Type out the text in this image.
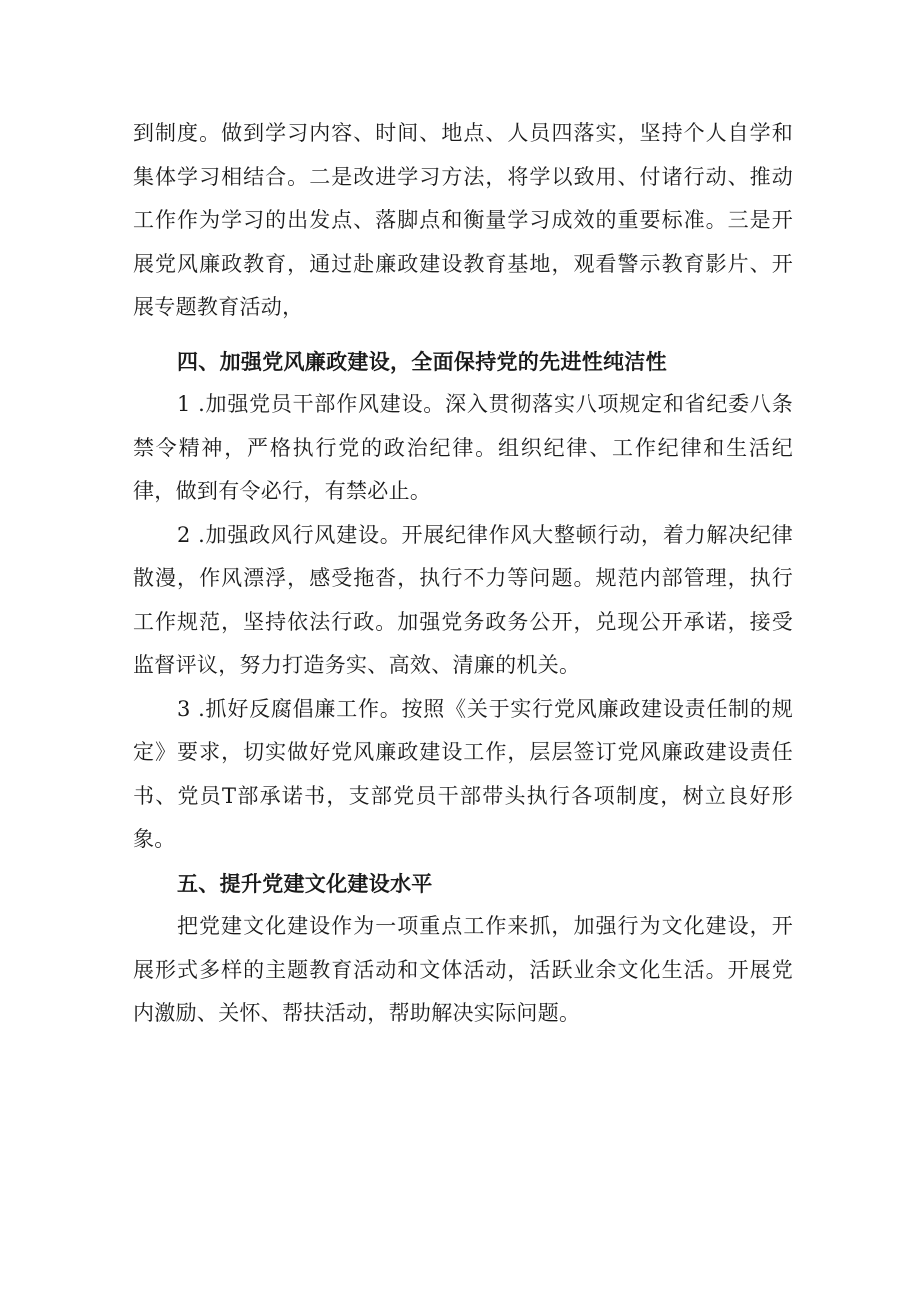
到制度。做到学习内容、时间、地点、人员四落实，坚持个人自学和集体学习相结合。二是改进学习方法，将学以致用、付诸行动、推动工作作为学习的出发点、落脚点和衡量学习成效的重要标准。三是开展党风廉政教育，通过赴廉政建设教育基地，观看警示教育影片、开展专题教育活动，

四、加强党风廉政建设，全面保持党的先进性纯洁性

1 .加强党员干部作风建设。深入贯彻落实八项规定和省纪委八条禁令精神，严格执行党的政治纪律。组织纪律、工作纪律和生活纪律，做到有令必行，有禁必止。

2 .加强政风行风建设。开展纪律作风大整顿行动，着力解决纪律散漫，作风漂浮，感受拖沓，执行不力等问题。规范内部管理，执行工作规范，坚持依法行政。加强党务政务公开，兑现公开承诺，接受监督评议，努力打造务实、高效、清廉的机关。

3 .抓好反腐倡廉工作。按照《关于实行党风廉政建设责任制的规定》要求，切实做好党风廉政建设工作，层层签订党风廉政建设责任书、党员T部承诺书，支部党员干部带头执行各项制度，树立良好形象。

五、提升党建文化建设水平

把党建文化建设作为一项重点工作来抓，加强行为文化建设，开展形式多样的主题教育活动和文体活动，活跃业余文化生活。开展党内激励、关怀、帮扶活动，帮助解决实际问题。
